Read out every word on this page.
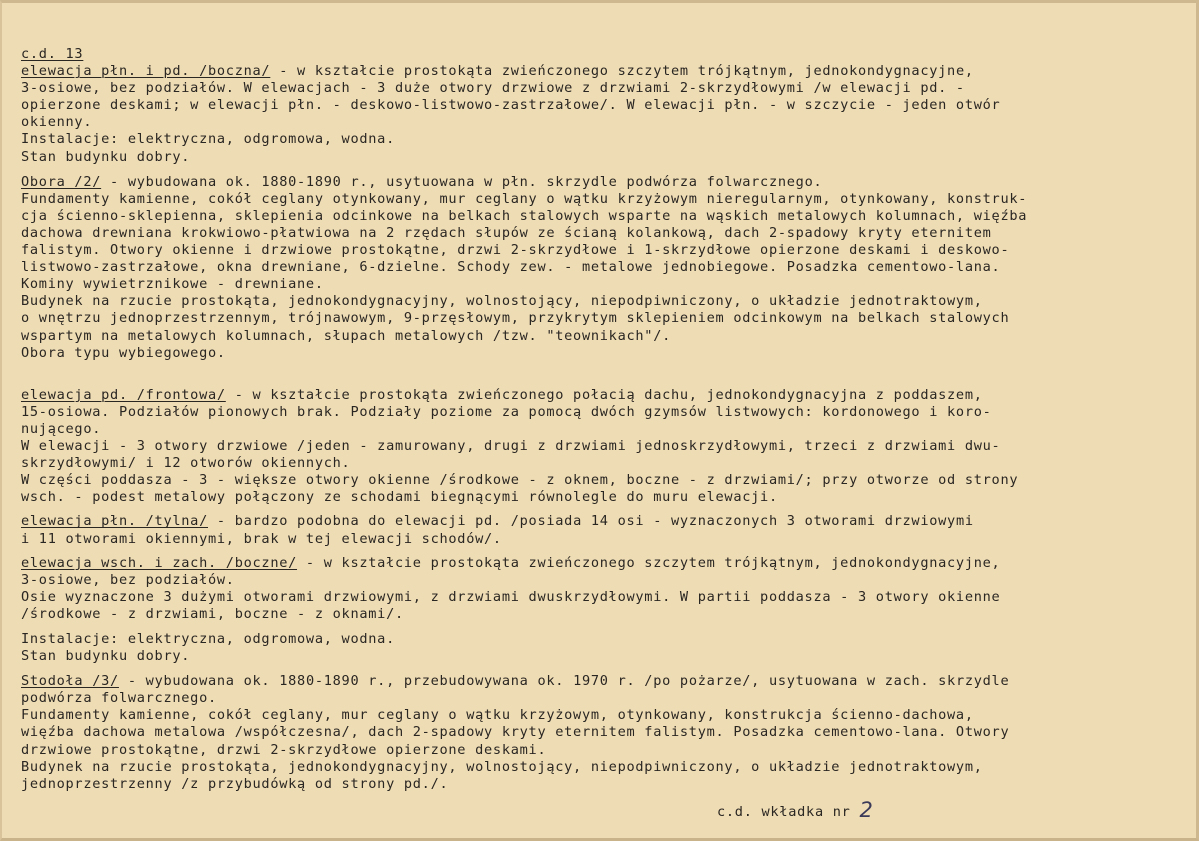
c.d. 13
elewacja płn. i pd. /boczna/ - w kształcie prostokąta zwieńczonego szczytem trójkątnym, jednokondygnacyjne,
3-osiowe, bez podziałów. W elewacjach - 3 duże otwory drzwiowe z drzwiami 2-skrzydłowymi /w elewacji pd. -
opierzone deskami; w elewacji płn. - deskowo-listwowo-zastrzałowe/. W elewacji płn. - w szczycie - jeden otwór
okienny.
Instalacje: elektryczna, odgromowa, wodna.
Stan budynku dobry.
Obora /2/ - wybudowana ok. 1880-1890 r., usytuowana w płn. skrzydle podwórza folwarcznego.
Fundamenty kamienne, cokół ceglany otynkowany, mur ceglany o wątku krzyżowym nieregularnym, otynkowany, konstruk-
cja ścienno-sklepienna, sklepienia odcinkowe na belkach stalowych wsparte na wąskich metalowych kolumnach, więźba
dachowa drewniana krokwiowo-płatwiowa na 2 rzędach słupów ze ścianą kolankową, dach 2-spadowy kryty eternitem
falistym. Otwory okienne i drzwiowe prostokątne, drzwi 2-skrzydłowe i 1-skrzydłowe opierzone deskami i deskowo-
listwowo-zastrzałowe, okna drewniane, 6-dzielne. Schody zew. - metalowe jednobiegowe. Posadzka cementowo-lana.
Kominy wywietrznikowe - drewniane.
Budynek na rzucie prostokąta, jednokondygnacyjny, wolnostojący, niepodpiwniczony, o układzie jednotraktowym,
o wnętrzu jednoprzestrzennym, trójnawowym, 9-przęsłowym, przykrytym sklepieniem odcinkowym na belkach stalowych
wspartym na metalowych kolumnach, słupach metalowych /tzw. "teownikach"/.
Obora typu wybiegowego.
elewacja pd. /frontowa/ - w kształcie prostokąta zwieńczonego połacią dachu, jednokondygnacyjna z poddaszem,
15-osiowa. Podziałów pionowych brak. Podziały poziome za pomocą dwóch gzymsów listwowych: kordonowego i koro-
nującego.
W elewacji - 3 otwory drzwiowe /jeden - zamurowany, drugi z drzwiami jednoskrzydłowymi, trzeci z drzwiami dwu-
skrzydłowymi/ i 12 otworów okiennych.
W części poddasza - 3 - większe otwory okienne /środkowe - z oknem, boczne - z drzwiami/; przy otworze od strony
wsch. - podest metalowy połączony ze schodami biegnącymi równolegle do muru elewacji.
elewacja płn. /tylna/ - bardzo podobna do elewacji pd. /posiada 14 osi - wyznaczonych 3 otworami drzwiowymi
i 11 otworami okiennymi, brak w tej elewacji schodów/.
elewacja wsch. i zach. /boczne/ - w kształcie prostokąta zwieńczonego szczytem trójkątnym, jednokondygnacyjne,
3-osiowe, bez podziałów.
Osie wyznaczone 3 dużymi otworami drzwiowymi, z drzwiami dwuskrzydłowymi. W partii poddasza - 3 otwory okienne
/środkowe - z drzwiami, boczne - z oknami/.
Instalacje: elektryczna, odgromowa, wodna.
Stan budynku dobry.
Stodoła /3/ - wybudowana ok. 1880-1890 r., przebudowywana ok. 1970 r. /po pożarze/, usytuowana w zach. skrzydle
podwórza folwarcznego.
Fundamenty kamienne, cokół ceglany, mur ceglany o wątku krzyżowym, otynkowany, konstrukcja ścienno-dachowa,
więźba dachowa metalowa /współczesna/, dach 2-spadowy kryty eternitem falistym. Posadzka cementowo-lana. Otwory
drzwiowe prostokątne, drzwi 2-skrzydłowe opierzone deskami.
Budynek na rzucie prostokąta, jednokondygnacyjny, wolnostojący, niepodpiwniczony, o układzie jednotraktowym,
jednoprzestrzenny /z przybudówką od strony pd./.
c.d. wkładka nr 2
